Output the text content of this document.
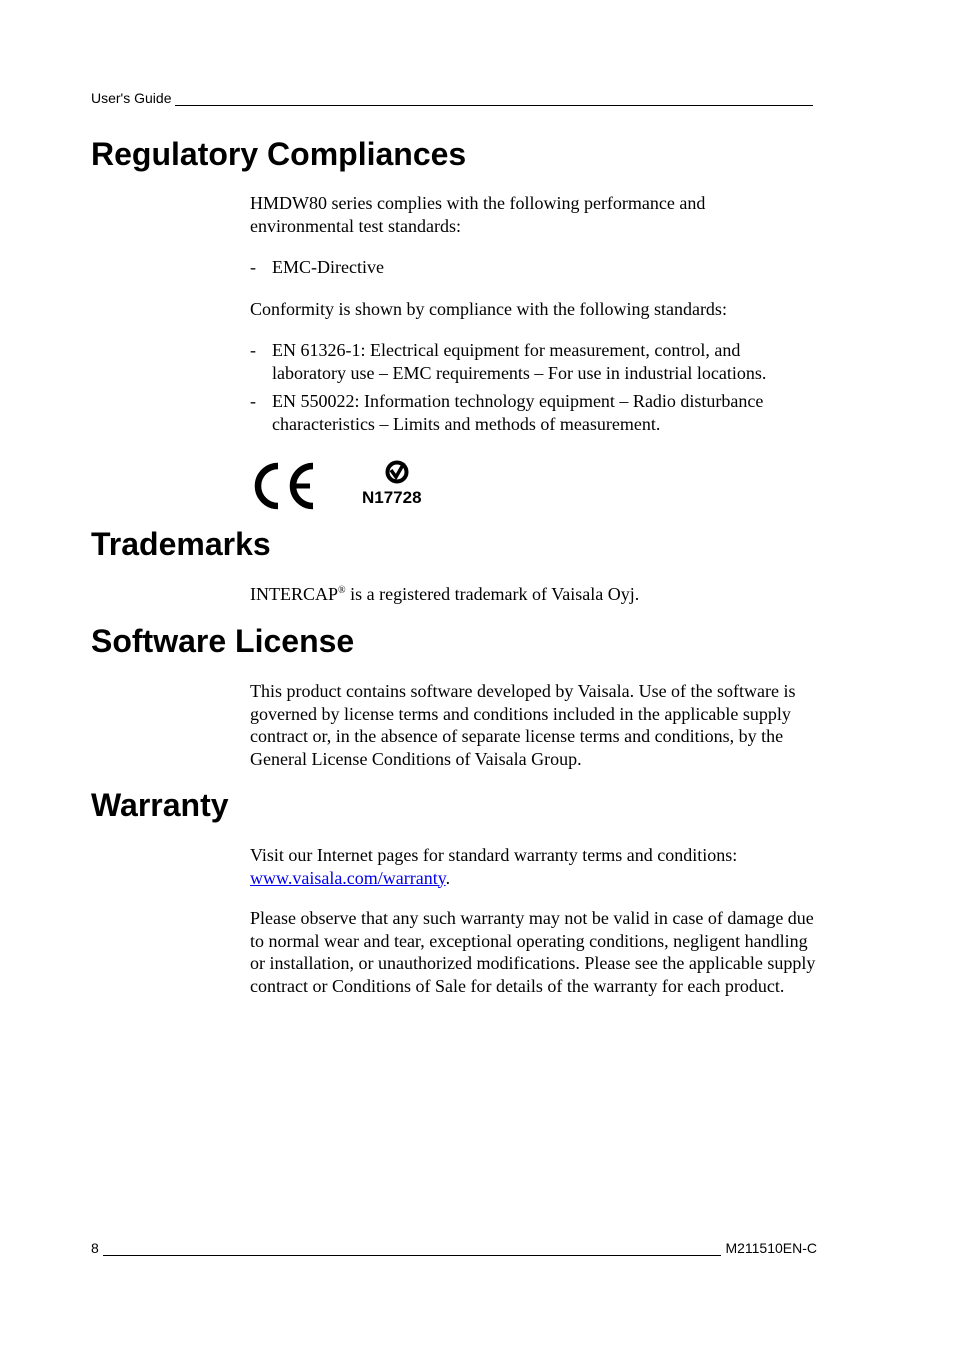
User's Guide
Regulatory Compliances

HMDW80 series complies with the following performance and environmental test standards:

- EMC-Directive

Conformity is shown by compliance with the following standards:

- EN 61326-1: Electrical equipment for measurement, control, and laboratory use – EMC requirements – For use in industrial locations.
- EN 550022: Information technology equipment – Radio disturbance characteristics – Limits and methods of measurement.
N17728
Trademarks

INTERCAP® is a registered trademark of Vaisala Oyj.

Software License

This product contains software developed by Vaisala. Use of the software is governed by license terms and conditions included in the applicable supply contract or, in the absence of separate license terms and conditions, by the General License Conditions of Vaisala Group.

Warranty

Visit our Internet pages for standard warranty terms and conditions: www.vaisala.com/warranty.

Please observe that any such warranty may not be valid in case of damage due to normal wear and tear, exceptional operating conditions, negligent handling or installation, or unauthorized modifications. Please see the applicable supply contract or Conditions of Sale for details of the warranty for each product.

8	M211510EN-C
